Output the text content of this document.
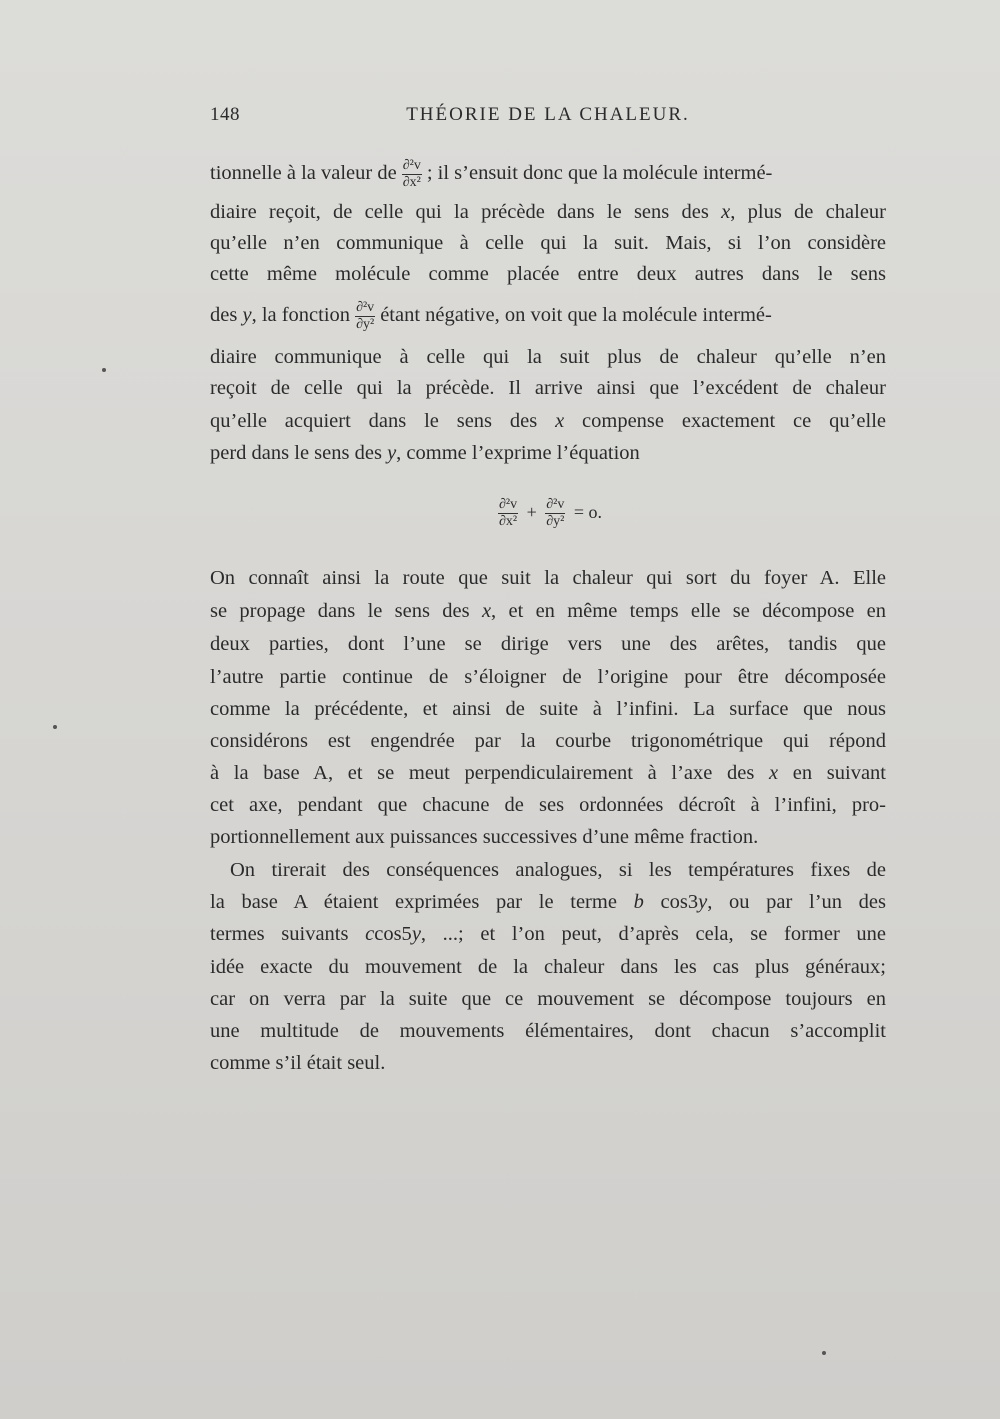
148	THÉORIE DE LA CHALEUR.
tionnelle à la valeur de $\frac{\text{∂²v}}{\text{∂x²}}$ ; il s’ensuit donc que la molécule intermé-
diaire reçoit, de celle qui la précède dans le sens des x, plus de chaleur
qu’elle n’en communique à celle qui la suit. Mais, si l’on considère
cette même molécule comme placée entre deux autres dans le sens
des y, la fonction $\frac{\text{∂²v}}{\text{∂y²}}$ étant négative, on voit que la molécule intermé-
diaire communique à celle qui la suit plus de chaleur qu’elle n’en
reçoit de celle qui la précède. Il arrive ainsi que l’excédent de chaleur
qu’elle acquiert dans le sens des x compense exactement ce qu’elle
perd dans le sens des y, comme l’exprime l’équation
$\frac{\text{∂²v}}{\text{∂x²}} + \frac{\text{∂²v}}{\text{∂y²}} = o$.
On connaît ainsi la route que suit la chaleur qui sort du foyer A. Elle
se propage dans le sens des x, et en même temps elle se décompose en
deux parties, dont l’une se dirige vers une des arêtes, tandis que
l’autre partie continue de s’éloigner de l’origine pour être décomposée
comme la précédente, et ainsi de suite à l’infini. La surface que nous
considérons est engendrée par la courbe trigonométrique qui répond
à la base A, et se meut perpendiculairement à l’axe des x en suivant
cet axe, pendant que chacune de ses ordonnées décroît à l’infini, pro-
portionnellement aux puissances successives d’une même fraction.
On tirerait des conséquences analogues, si les températures fixes de
la base A étaient exprimées par le terme b cos3y, ou par l’un des
termes suivants ccos5y, ...; et l’on peut, d’après cela, se former une
idée exacte du mouvement de la chaleur dans les cas plus généraux;
car on verra par la suite que ce mouvement se décompose toujours en
une multitude de mouvements élémentaires, dont chacun s’accomplit
comme s’il était seul.
